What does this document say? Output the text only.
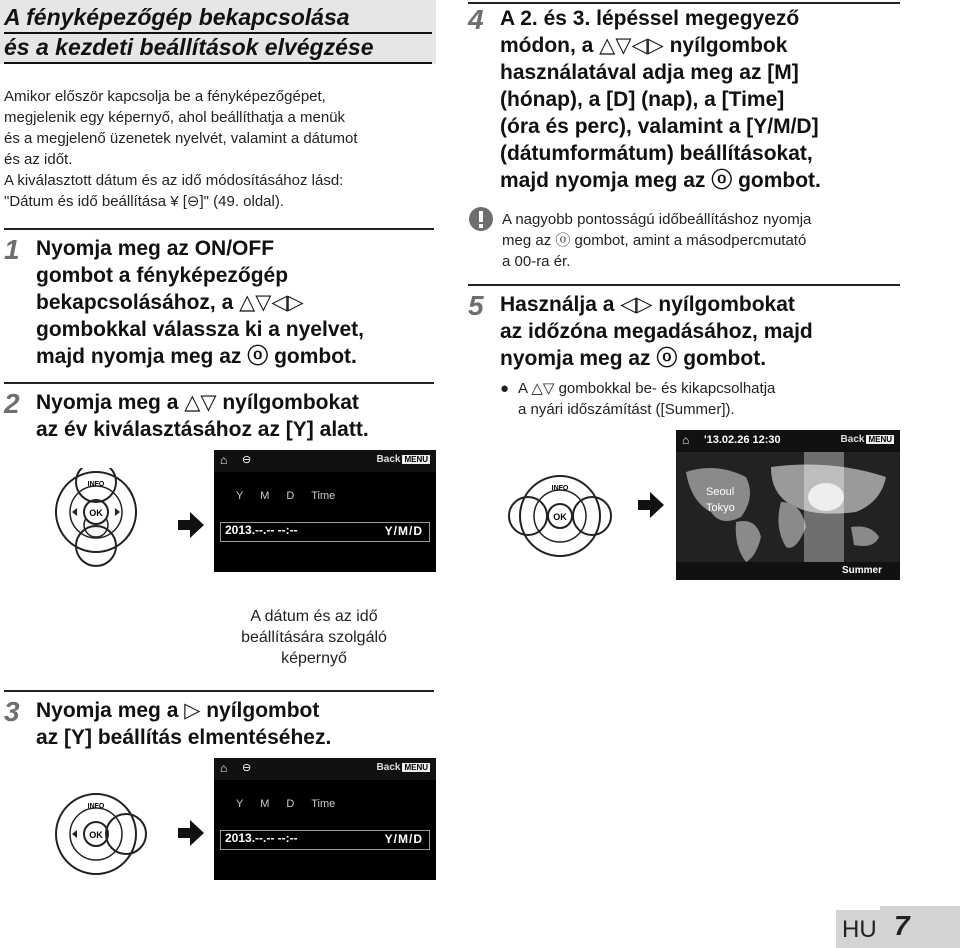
A fényképezőgép bekapcsolása
és a kezdeti beállítások elvégzése
Amikor először kapcsolja be a fényképezőgépet,
megjelenik egy képernyő, ahol beállíthatja a menük
és a megjelenő üzenetek nyelvét, valamint a dátumot
és az időt.
A kiválasztott dátum és az idő módosításához lásd:
"Dátum és idő beállítása ¥ [⊖]" (49. oldal).
1 Nyomja meg az ON/OFF
gombot a fényképezőgép
bekapcsolásához, a △▽◁▷
gombokkal válassza ki a nyelvet,
majd nyomja meg az ⓞ gombot.
2 Nyomja meg a △▽ nyílgombokat
az év kiválasztásához az [Y] alatt.
OK
INFO
⌂ ⊖	Back MENU
Y M D Time
2013.--.-- --:--	Y/M/D
A dátum és az idő
beállítására szolgáló
képernyő
3 Nyomja meg a ▷ nyílgombot
az [Y] beállítás elmentéséhez.
OK
INFO
⌂ ⊖	Back MENU
Y M D Time
2013.--.-- --:--	Y/M/D
4 A 2. és 3. lépéssel megegyező
módon, a △▽◁▷ nyílgombok
használatával adja meg az [M]
(hónap), a [D] (nap), a [Time]
(óra és perc), valamint a [Y/M/D]
(dátumformátum) beállításokat,
majd nyomja meg az ⓞ gombot.
A nagyobb pontosságú időbeállításhoz nyomja
meg az ⓞ gombot, amint a másodpercmutató
a 00-ra ér.
5 Használja a ◁▷ nyílgombokat
az időzóna megadásához, majd
nyomja meg az ⓞ gombot.
● A △▽ gombokkal be- és kikapcsolhatja
a nyári időszámítást ([Summer]).
OK
INFO
⌂ '13.02.26 12:30	Back MENU
Seoul
Tokyo
Summer
HU 7
